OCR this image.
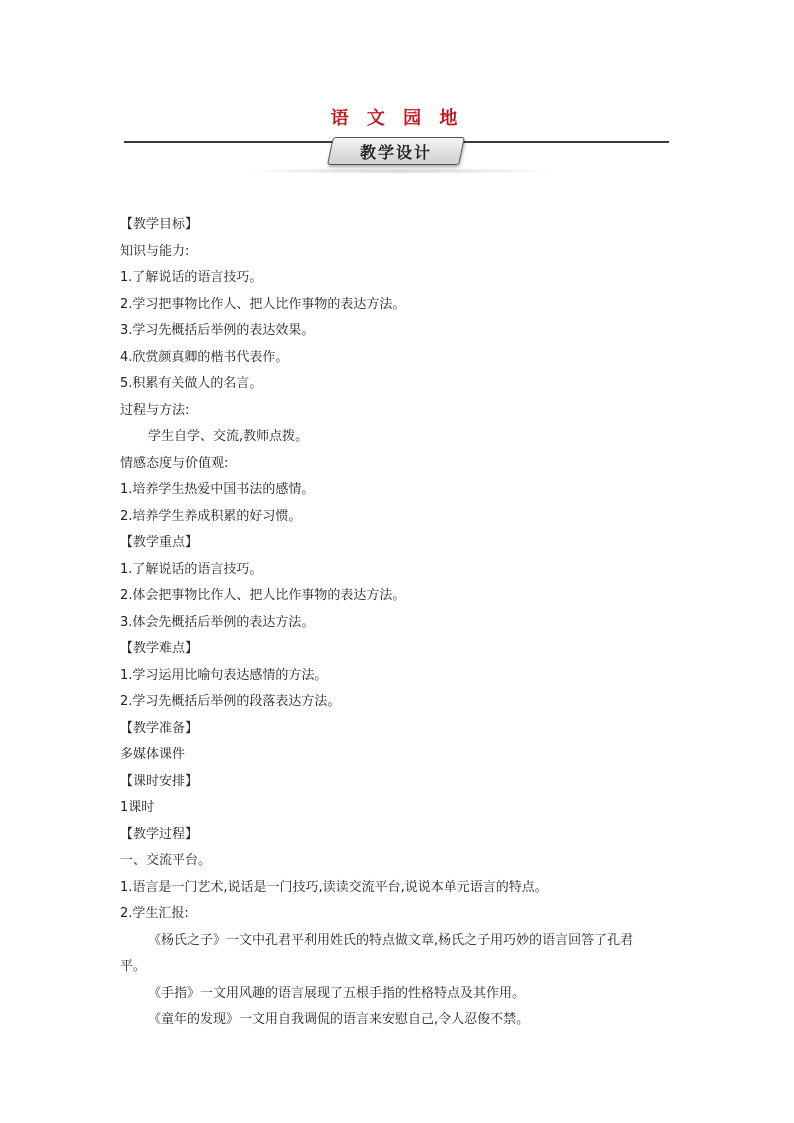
语 文 园 地
教学设计
【教学目标】
知识与能力:
1.了解说话的语言技巧。
2.学习把事物比作人、把人比作事物的表达方法。
3.学习先概括后举例的表达效果。
4.欣赏颜真卿的楷书代表作。
5.积累有关做人的名言。
过程与方法:
学生自学、交流,教师点拨。
情感态度与价值观:
1.培养学生热爱中国书法的感情。
2.培养学生养成积累的好习惯。
【教学重点】
1.了解说话的语言技巧。
2.体会把事物比作人、把人比作事物的表达方法。
3.体会先概括后举例的表达方法。
【教学难点】
1.学习运用比喻句表达感情的方法。
2.学习先概括后举例的段落表达方法。
【教学准备】
多媒体课件
【课时安排】
1课时
【教学过程】
一、交流平台。
1.语言是一门艺术,说话是一门技巧,读读交流平台,说说本单元语言的特点。
2.学生汇报:
《杨氏之子》一文中孔君平利用姓氏的特点做文章,杨氏之子用巧妙的语言回答了孔君
平。
《手指》一文用风趣的语言展现了五根手指的性格特点及其作用。
《童年的发现》一文用自我调侃的语言来安慰自己,令人忍俊不禁。
